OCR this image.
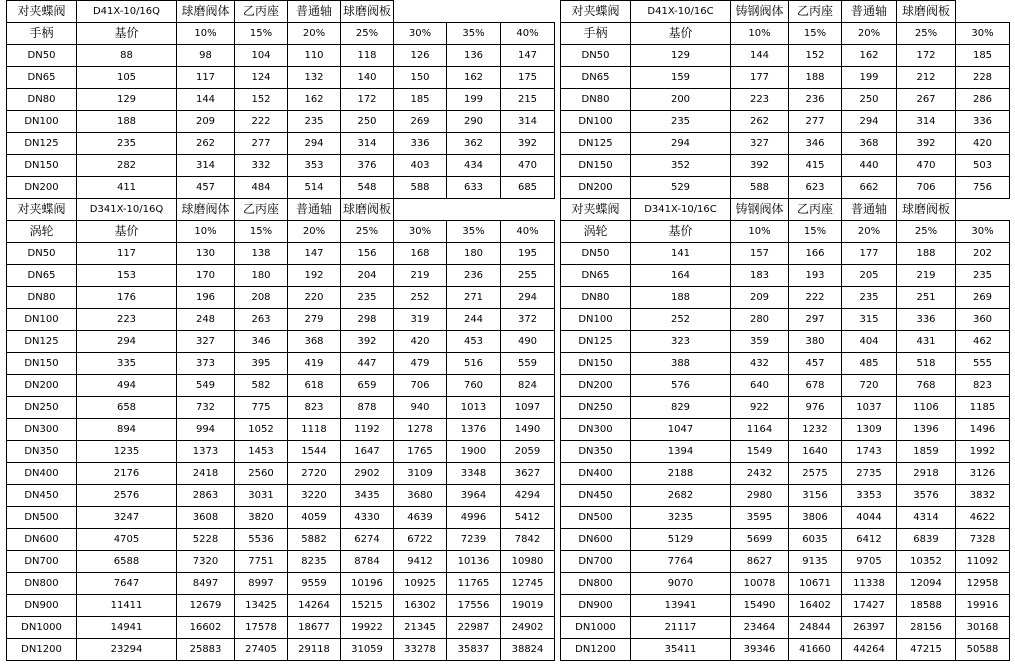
对夹蝶阀	D41X-10/16Q	球磨阀体	乙丙座	普通轴	球磨阀板			
手柄	基价	10%	15%	20%	25%	30%	35%	40%
DN50	88	98	104	110	118	126	136	147
DN65	105	117	124	132	140	150	162	175
DN80	129	144	152	162	172	185	199	215
DN100	188	209	222	235	250	269	290	314
DN125	235	262	277	294	314	336	362	392
DN150	282	314	332	353	376	403	434	470
DN200	411	457	484	514	548	588	633	685
对夹蝶阀	D341X-10/16Q	球磨阀体	乙丙座	普通轴	球磨阀板			
涡轮	基价	10%	15%	20%	25%	30%	35%	40%
DN50	117	130	138	147	156	168	180	195
DN65	153	170	180	192	204	219	236	255
DN80	176	196	208	220	235	252	271	294
DN100	223	248	263	279	298	319	244	372
DN125	294	327	346	368	392	420	453	490
DN150	335	373	395	419	447	479	516	559
DN200	494	549	582	618	659	706	760	824
DN250	658	732	775	823	878	940	1013	1097
DN300	894	994	1052	1118	1192	1278	1376	1490
DN350	1235	1373	1453	1544	1647	1765	1900	2059
DN400	2176	2418	2560	2720	2902	3109	3348	3627
DN450	2576	2863	3031	3220	3435	3680	3964	4294
DN500	3247	3608	3820	4059	4330	4639	4996	5412
DN600	4705	5228	5536	5882	6274	6722	7239	7842
DN700	6588	7320	7751	8235	8784	9412	10136	10980
DN800	7647	8497	8997	9559	10196	10925	11765	12745
DN900	11411	12679	13425	14264	15215	16302	17556	19019
DN1000	14941	16602	17578	18677	19922	21345	22987	24902
DN1200	23294	25883	27405	29118	31059	33278	35837	38824
对夹蝶阀	D41X-10/16C	铸钢阀体	乙丙座	普通轴	球磨阀板	
手柄	基价	10%	15%	20%	25%	30%
DN50	129	144	152	162	172	185
DN65	159	177	188	199	212	228
DN80	200	223	236	250	267	286
DN100	235	262	277	294	314	336
DN125	294	327	346	368	392	420
DN150	352	392	415	440	470	503
DN200	529	588	623	662	706	756
对夹蝶阀	D341X-10/16C	铸钢阀体	乙丙座	普通轴	球磨阀板	
涡轮	基价	10%	15%	20%	25%	30%
DN50	141	157	166	177	188	202
DN65	164	183	193	205	219	235
DN80	188	209	222	235	251	269
DN100	252	280	297	315	336	360
DN125	323	359	380	404	431	462
DN150	388	432	457	485	518	555
DN200	576	640	678	720	768	823
DN250	829	922	976	1037	1106	1185
DN300	1047	1164	1232	1309	1396	1496
DN350	1394	1549	1640	1743	1859	1992
DN400	2188	2432	2575	2735	2918	3126
DN450	2682	2980	3156	3353	3576	3832
DN500	3235	3595	3806	4044	4314	4622
DN600	5129	5699	6035	6412	6839	7328
DN700	7764	8627	9135	9705	10352	11092
DN800	9070	10078	10671	11338	12094	12958
DN900	13941	15490	16402	17427	18588	19916
DN1000	21117	23464	24844	26397	28156	30168
DN1200	35411	39346	41660	44264	47215	50588
